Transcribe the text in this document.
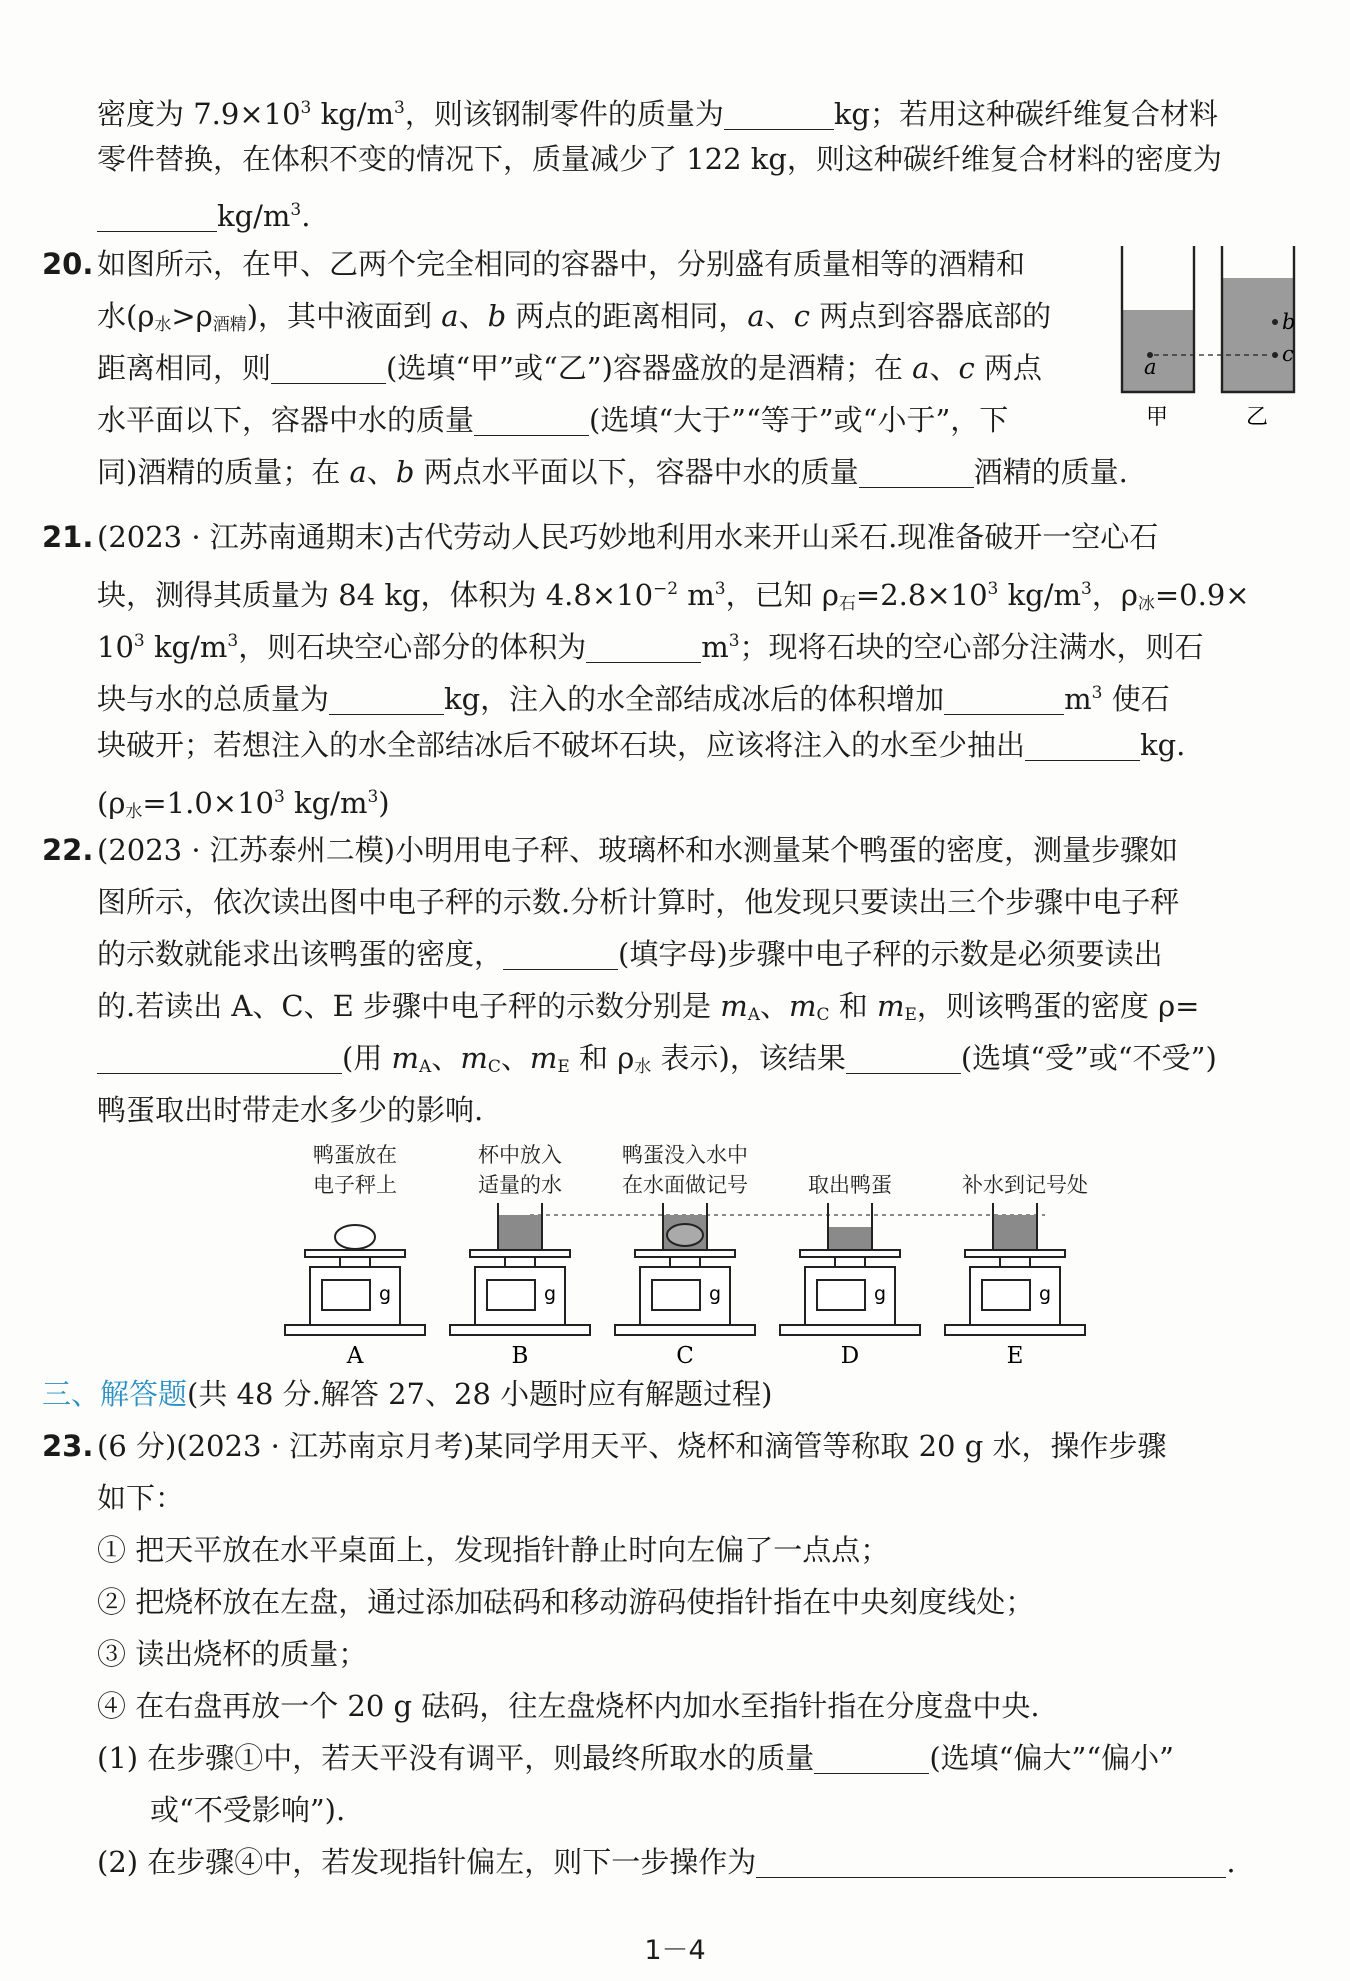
密度为 $7.9\times 10^3$ $kg/m^3$，则该钢制零件的质量为	kg；若用这种碳纤维复合材料
零件替换，在体积不变的情况下，质量减少了 122 kg，则这种碳纤维复合材料的密度为
$kg/m^3$.
20. 如图所示，在甲、乙两个完全相同的容器中，分别盛有质量相等的酒精和
水$(\rho_水>\rho_{酒精})$，其中液面到 a、b 两点的距离相同，a、c 两点到容器底部的
距离相同，则	(选填“甲”或“乙”)容器盛放的是酒精；在 a、c 两点
水平面以下，容器中水的质量	(选填“大于”“等于”或“小于”，下
同)酒精的质量；在 a、b 两点水平面以下，容器中水的质量	酒精的质量.
a
b
c
甲	乙
21. (2023 · 江苏南通期末)古代劳动人民巧妙地利用水来开山采石.现准备破开一空心石
块，测得其质量为 84 kg，体积为 $4.8\times 10^{-2}$ $m^3$，已知 $\rho_石=2.8\times 10^3$ $kg/m^3$，$\rho_冰=0.9\times$
$10^3$ $kg/m^3$，则石块空心部分的体积为	$m^3$；现将石块的空心部分注满水，则石
块与水的总质量为	kg，注入的水全部结成冰后的体积增加	$m^3$ 使石
块破开；若想注入的水全部结冰后不破坏石块，应该将注入的水至少抽出	kg.
($\rho_水=1.0\times 10^3$ $kg/m^3$)
22. (2023 · 江苏泰州二模)小明用电子秤、玻璃杯和水测量某个鸭蛋的密度，测量步骤如
图所示，依次读出图中电子秤的示数.分析计算时，他发现只要读出三个步骤中电子秤
的示数就能求出该鸭蛋的密度，	(填字母)步骤中电子秤的示数是必须要读出
的.若读出 A、C、E 步骤中电子秤的示数分别是 $m_A$、$m_C$ 和 $m_E$，则该鸭蛋的密度 ρ=
(用 $m_A$、$m_C$、$m_E$ 和 $\rho_水$ 表示)，该结果	(选填“受”或“不受”)
鸭蛋取出时带走水多少的影响.
鸭蛋放在
电子秤上
g
A
杯中放入
适量的水
g
B
鸭蛋没入水中
在水面做记号
g
C
取出鸭蛋
g
D
补水到记号处
g
E
三、解答题(共 48 分.解答 27、28 小题时应有解题过程)
23. (6 分)(2023 · 江苏南京月考)某同学用天平、烧杯和滴管等称取 20 g 水，操作步骤
如下：
① 把天平放在水平桌面上，发现指针静止时向左偏了一点点；
② 把烧杯放在左盘，通过添加砝码和移动游码使指针指在中央刻度线处；
③ 读出烧杯的质量；
④ 在右盘再放一个 20 g 砝码，往左盘烧杯内加水至指针指在分度盘中央.
(1) 在步骤①中，若天平没有调平，则最终所取水的质量	(选填“偏大”“偏小”
或“不受影响”).
(2) 在步骤④中，若发现指针偏左，则下一步操作为	.
1－4
